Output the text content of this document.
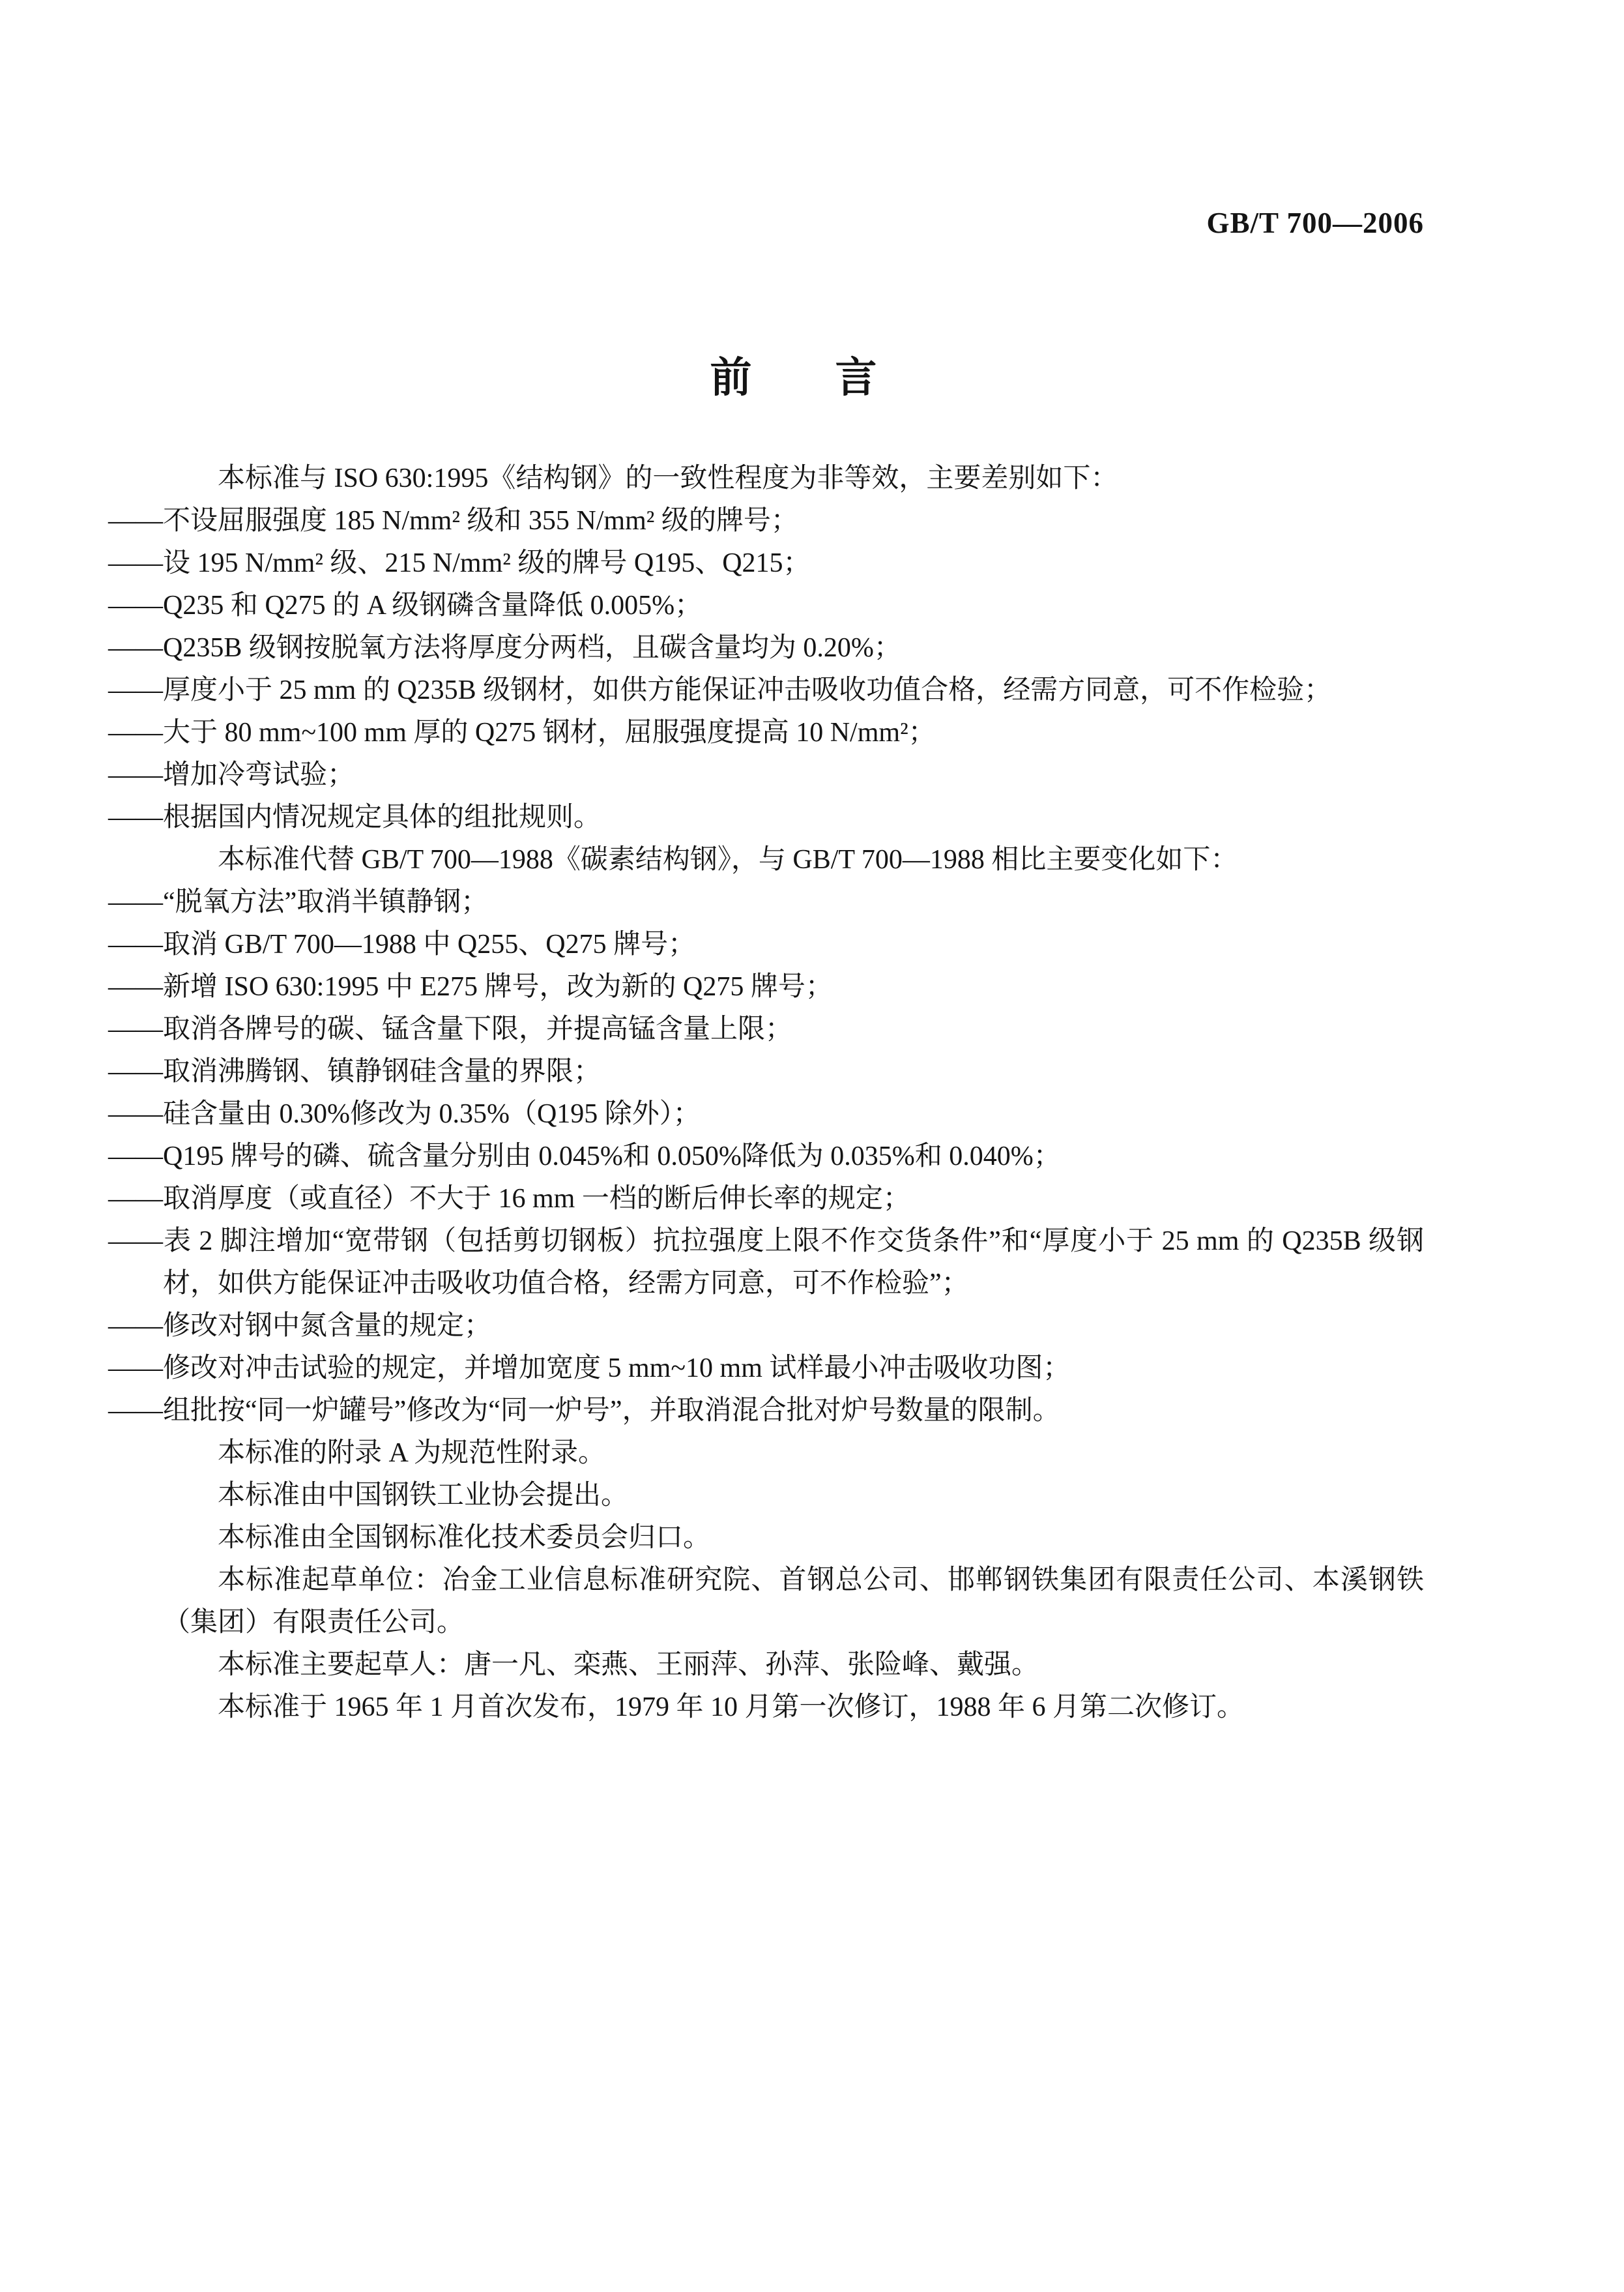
GB/T 700—2006
前　　言

本标准与 ISO 630:1995《结构钢》的一致性程度为非等效，主要差别如下：

——不设屈服强度 185 N/mm² 级和 355 N/mm² 级的牌号；

——设 195 N/mm² 级、215 N/mm² 级的牌号 Q195、Q215；

——Q235 和 Q275 的 A 级钢磷含量降低 0.005%；

——Q235B 级钢按脱氧方法将厚度分两档，且碳含量均为 0.20%；

——厚度小于 25 mm 的 Q235B 级钢材，如供方能保证冲击吸收功值合格，经需方同意，可不作检验；

——大于 80 mm~100 mm 厚的 Q275 钢材，屈服强度提高 10 N/mm²；

——增加冷弯试验；

——根据国内情况规定具体的组批规则。

本标准代替 GB/T 700—1988《碳素结构钢》，与 GB/T 700—1988 相比主要变化如下：

——“脱氧方法”取消半镇静钢；

——取消 GB/T 700—1988 中 Q255、Q275 牌号；

——新增 ISO 630:1995 中 E275 牌号，改为新的 Q275 牌号；

——取消各牌号的碳、锰含量下限，并提高锰含量上限；

——取消沸腾钢、镇静钢硅含量的界限；

——硅含量由 0.30%修改为 0.35%（Q195 除外）；

——Q195 牌号的磷、硫含量分别由 0.045%和 0.050%降低为 0.035%和 0.040%；

——取消厚度（或直径）不大于 16 mm 一档的断后伸长率的规定；

——表 2 脚注增加“宽带钢（包括剪切钢板）抗拉强度上限不作交货条件”和“厚度小于 25 mm 的 Q235B 级钢材，如供方能保证冲击吸收功值合格，经需方同意，可不作检验”；

——修改对钢中氮含量的规定；

——修改对冲击试验的规定，并增加宽度 5 mm~10 mm 试样最小冲击吸收功图；

——组批按“同一炉罐号”修改为“同一炉号”，并取消混合批对炉号数量的限制。

本标准的附录 A 为规范性附录。

本标准由中国钢铁工业协会提出。

本标准由全国钢标准化技术委员会归口。

本标准起草单位：冶金工业信息标准研究院、首钢总公司、邯郸钢铁集团有限责任公司、本溪钢铁（集团）有限责任公司。

本标准主要起草人：唐一凡、栾燕、王丽萍、孙萍、张险峰、戴强。

本标准于 1965 年 1 月首次发布，1979 年 10 月第一次修订，1988 年 6 月第二次修订。
